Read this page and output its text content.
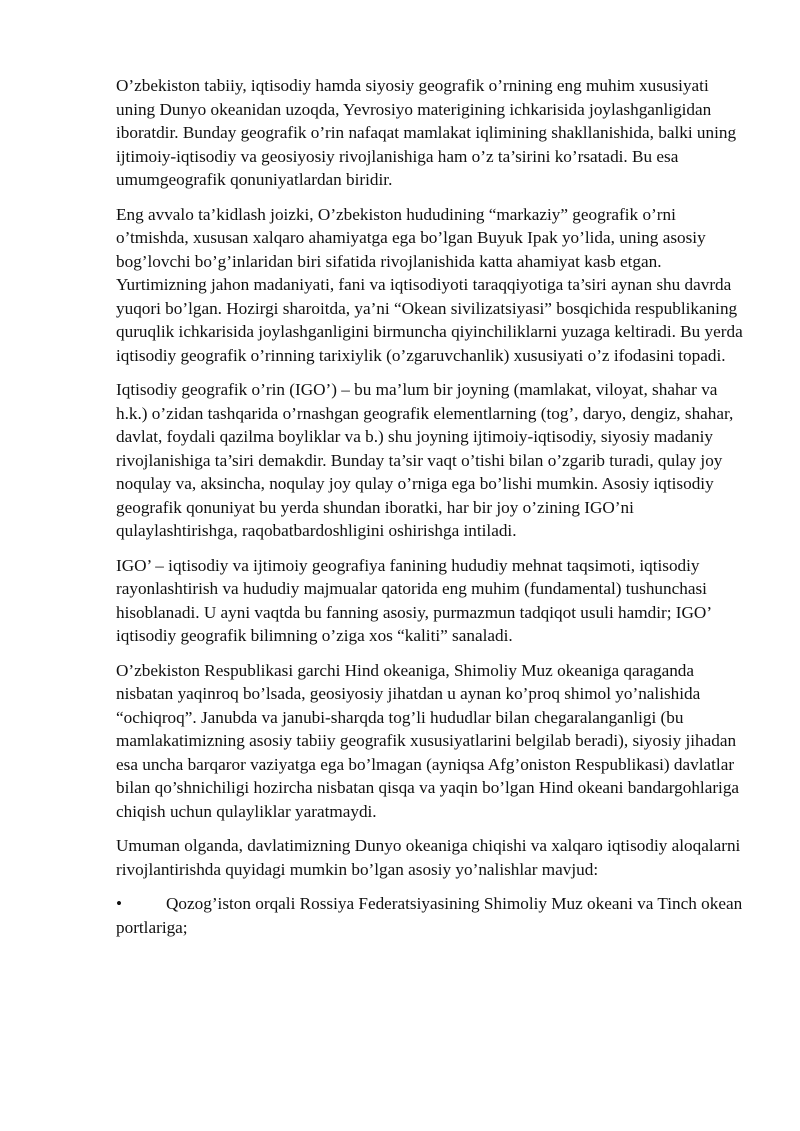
O’zbekiston tabiiy, iqtisodiy hamda siyosiy geografik o’rnining eng muhim xususiyati uning Dunyo okeanidan uzoqda, Yevrosiyo materigining ichkarisida joylashganligidan iboratdir. Bunday geografik o’rin nafaqat mamlakat iqlimining shakllanishida, balki uning ijtimoiy-iqtisodiy va geosiyosiy rivojlanishiga ham o’z ta’sirini ko’rsatadi. Bu esa umumgeografik qonuniyatlardan biridir.

Eng avvalo ta’kidlash joizki, O’zbekiston hududining “markaziy” geografik o’rni o’tmishda, xususan xalqaro ahamiyatga ega bo’lgan Buyuk Ipak yo’lida, uning asosiy bog’lovchi bo’g’inlaridan biri sifatida rivojlanishida katta ahamiyat kasb etgan. Yurtimizning jahon madaniyati, fani va iqtisodiyoti taraqqiyotiga ta’siri aynan shu davrda yuqori bo’lgan. Hozirgi sharoitda, ya’ni “Okean sivilizatsiyasi” bosqichida respublikaning quruqlik ichkarisida joylashganligini birmuncha qiyinchiliklarni yuzaga keltiradi. Bu yerda iqtisodiy geografik o’rinning tarixiylik (o’zgaruvchanlik) xususiyati o’z ifodasini topadi.

Iqtisodiy geografik o’rin (IGO’) – bu ma’lum bir joyning (mamlakat, viloyat, shahar va h.k.) o’zidan tashqarida o’rnashgan geografik elementlarning (tog’, daryo, dengiz, shahar, davlat, foydali qazilma boyliklar va b.) shu joyning ijtimoiy-iqtisodiy, siyosiy madaniy rivojlanishiga ta’siri demakdir. Bunday ta’sir vaqt o’tishi bilan o’zgarib turadi, qulay joy noqulay va, aksincha, noqulay joy qulay o’rniga ega bo’lishi mumkin. Asosiy iqtisodiy geografik qonuniyat bu yerda shundan iboratki, har bir joy o’zining IGO’ni qulaylashtirishga, raqobatbardoshligini oshirishga intiladi.

IGO’ – iqtisodiy va ijtimoiy geografiya fanining hududiy mehnat taqsimoti, iqtisodiy rayonlashtirish va hududiy majmualar qatorida eng muhim (fundamental) tushunchasi hisoblanadi. U ayni vaqtda bu fanning asosiy, purmazmun tadqiqot usuli hamdir; IGO’ iqtisodiy geografik bilimning o’ziga xos “kaliti” sanaladi.

O’zbekiston Respublikasi garchi Hind okeaniga, Shimoliy Muz okeaniga qaraganda nisbatan yaqinroq bo’lsada, geosiyosiy jihatdan u aynan ko’proq shimol yo’nalishida “ochiqroq”. Janubda va janubi-sharqda tog’li hududlar bilan chegaralanganligi (bu mamlakatimizning asosiy tabiiy geografik xususiyatlarini belgilab beradi), siyosiy jihadan esa uncha barqaror vaziyatga ega bo’lmagan (ayniqsa Afg’oniston Respublikasi) davlatlar bilan qo’shnichiligi hozircha nisbatan qisqa va yaqin bo’lgan Hind okeani bandargohlariga chiqish uchun qulayliklar yaratmaydi.

Umuman olganda, davlatimizning Dunyo okeaniga chiqishi va xalqaro iqtisodiy aloqalarni rivojlantirishda quyidagi mumkin bo’lgan asosiy yo’nalishlar mavjud:

•	Qozog’iston orqali Rossiya Federatsiyasining Shimoliy Muz okeani va Tinch okean portlariga;
